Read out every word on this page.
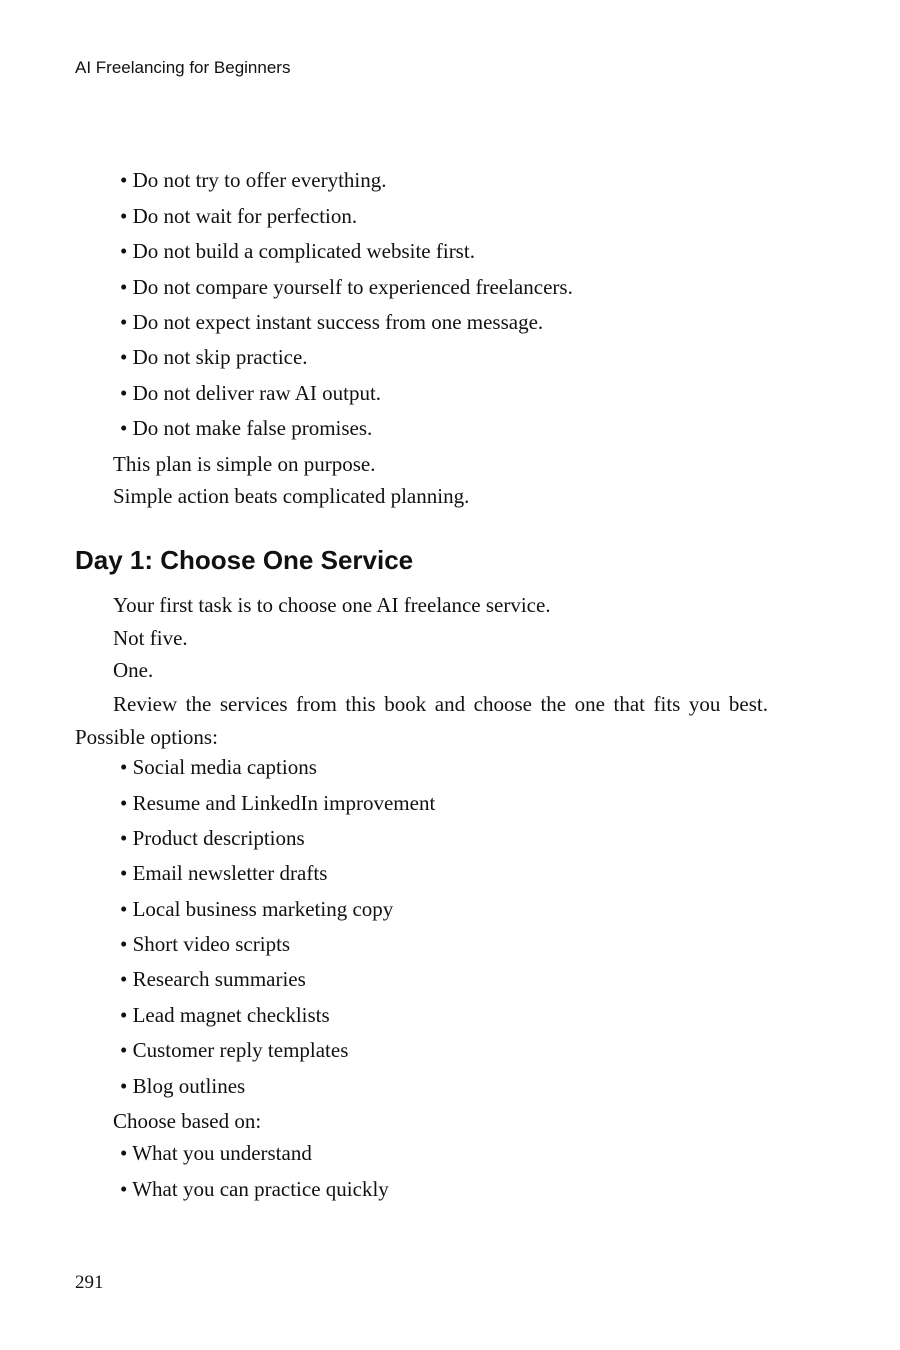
AI Freelancing for Beginners
• Do not try to offer everything.
• Do not wait for perfection.
• Do not build a complicated website first.
• Do not compare yourself to experienced freelancers.
• Do not expect instant success from one message.
• Do not skip practice.
• Do not deliver raw AI output.
• Do not make false promises.
This plan is simple on purpose.
Simple action beats complicated planning.
Day 1: Choose One Service
Your first task is to choose one AI freelance service.
Not five.
One.
Review the services from this book and choose the one that fits you best. Possible options:
• Social media captions
• Resume and LinkedIn improvement
• Product descriptions
• Email newsletter drafts
• Local business marketing copy
• Short video scripts
• Research summaries
• Lead magnet checklists
• Customer reply templates
• Blog outlines
Choose based on:
• What you understand
• What you can practice quickly
291
